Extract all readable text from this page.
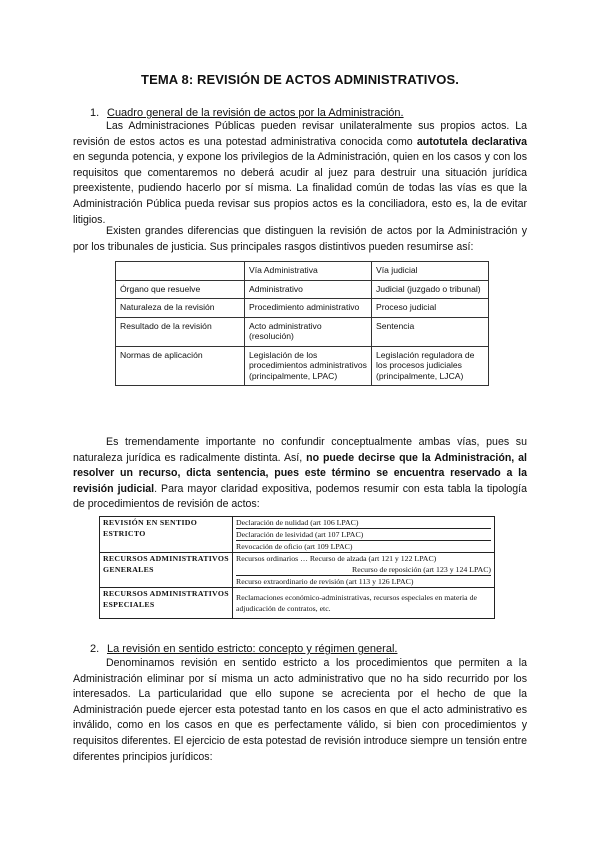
TEMA 8: REVISIÓN DE ACTOS ADMINISTRATIVOS.
1. Cuadro general de la revisión de actos por la Administración.
Las Administraciones Públicas pueden revisar unilateralmente sus propios actos. La revisión de estos actos es una potestad administrativa conocida como autotutela declarativa en segunda potencia, y expone los privilegios de la Administración, quien en los casos y con los requisitos que comentaremos no deberá acudir al juez para destruir una situación jurídica preexistente, pudiendo hacerlo por sí misma. La finalidad común de todas las vías es que la Administración Pública pueda revisar sus propios actos es la conciliadora, esto es, la de evitar litigios.
Existen grandes diferencias que distinguen la revisión de actos por la Administración y por los tribunales de justicia. Sus principales rasgos distintivos pueden resumirse así:
	Vía Administrativa	Vía judicial
Órgano que resuelve	Administrativo	Judicial (juzgado o tribunal)
Naturaleza de la revisión	Procedimiento administrativo	Proceso judicial
Resultado de la revisión	Acto administrativo (resolución)	Sentencia
Normas de aplicación	Legislación de los procedimientos administrativos (principalmente, LPAC)	Legislación reguladora de los procesos judiciales (principalmente, LJCA)
Es tremendamente importante no confundir conceptualmente ambas vías, pues su naturaleza jurídica es radicalmente distinta. Así, no puede decirse que la Administración, al resolver un recurso, dicta sentencia, pues este término se encuentra reservado a la revisión judicial. Para mayor claridad expositiva, podemos resumir con esta tabla la tipología de procedimientos de revisión de actos:
REVISIÓN EN SENTIDO ESTRICTO	Declaración de nulidad (art 106 LPAC)
Declaración de lesividad (art 107 LPAC)
Revocación de oficio (art 109 LPAC)

RECURSOS ADMINISTRATIVOS GENERALES	Recursos ordinarios … Recurso de alzada (art 121 y 122 LPAC)
Recurso de reposición (art 123 y 124 LPAC)
Recurso extraordinario de revisión (art 113 y 126 LPAC)

RECURSOS ADMINISTRATIVOS ESPECIALES	Reclamaciones económico-administrativas, recursos especiales en materia de adjudicación de contratos, etc.
2. La revisión en sentido estricto: concepto y régimen general.
Denominamos revisión en sentido estricto a los procedimientos que permiten a la Administración eliminar por sí misma un acto administrativo que no ha sido recurrido por los interesados. La particularidad que ello supone se acrecienta por el hecho de que la Administración puede ejercer esta potestad tanto en los casos en que el acto administrativo es inválido, como en los casos en que es perfectamente válido, si bien con procedimientos y requisitos diferentes. El ejercicio de esta potestad de revisión introduce siempre un tensión entre diferentes principios jurídicos:
